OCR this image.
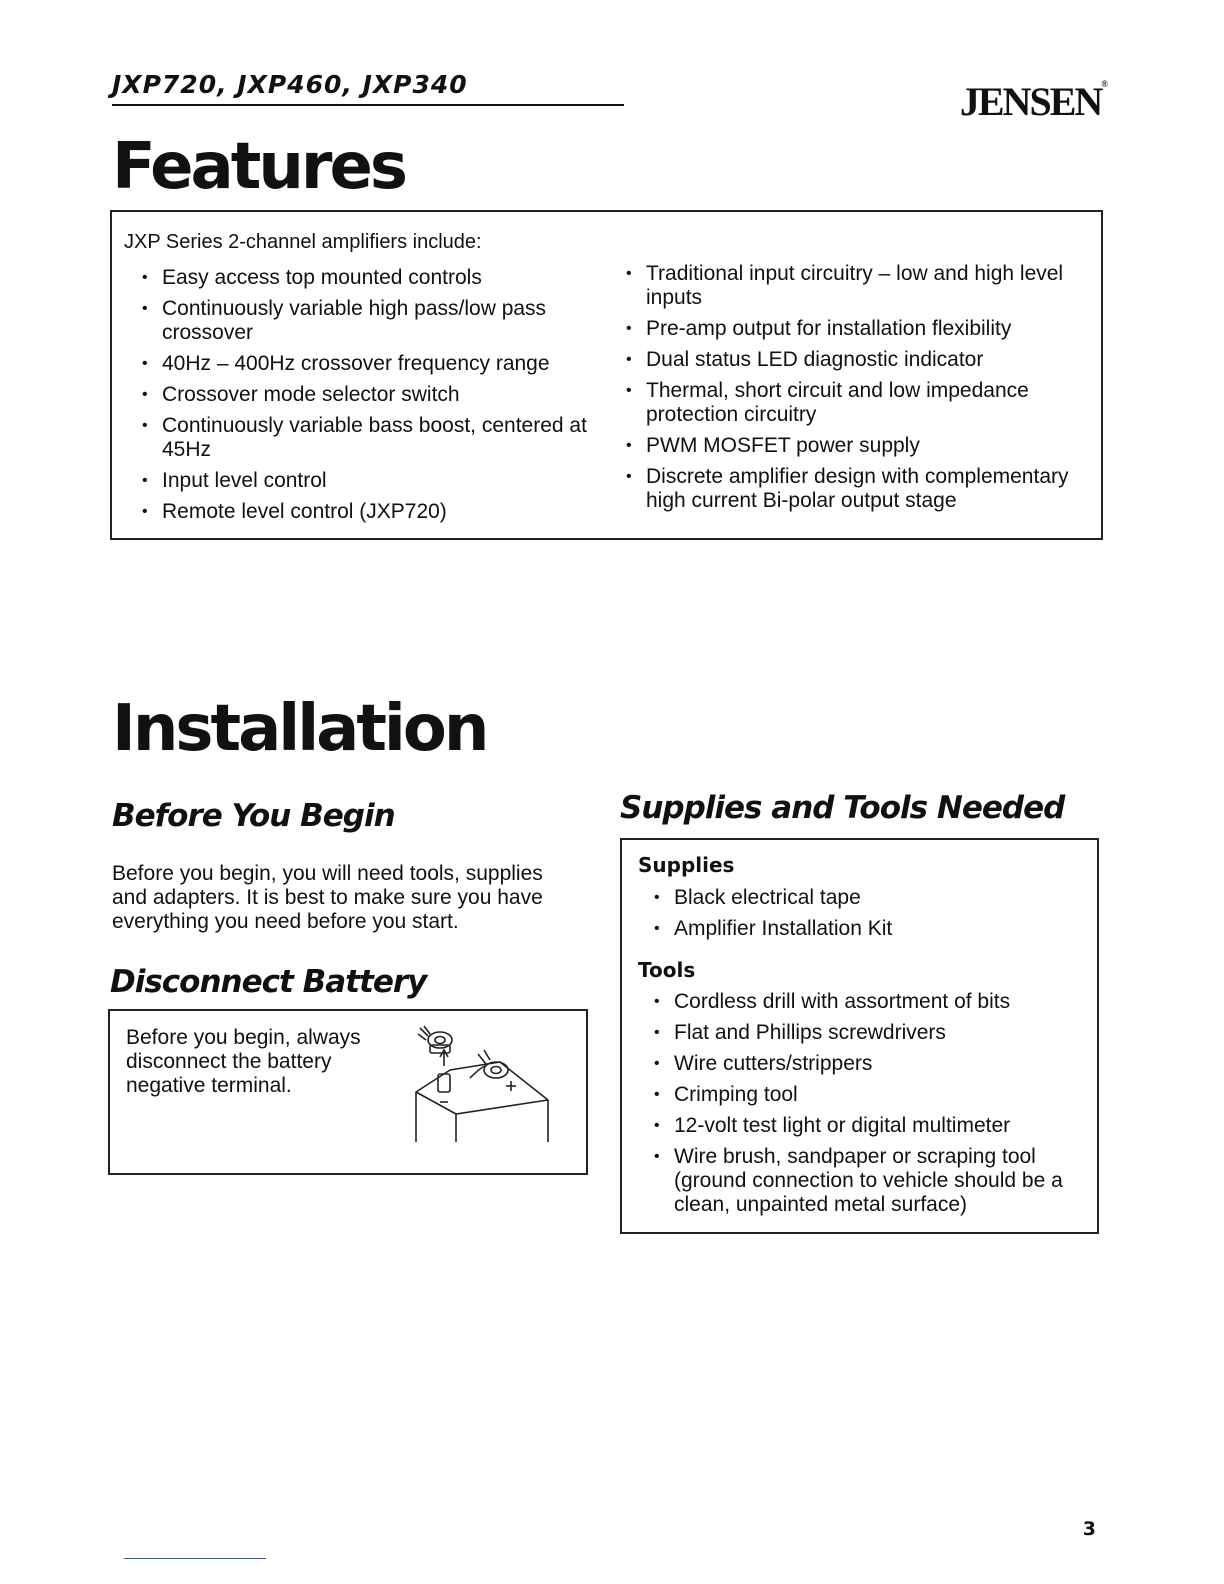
JXP720, JXP460, JXP340	JENSEN®
Features
JXP Series 2-channel amplifiers include:
• Easy access top mounted controls
• Continuously variable high pass/low pass crossover
• 40Hz – 400Hz crossover frequency range
• Crossover mode selector switch
• Continuously variable bass boost, centered at 45Hz
• Input level control
• Remote level control (JXP720)
• Traditional input circuitry – low and high level inputs
• Pre-amp output for installation flexibility
• Dual status LED diagnostic indicator
• Thermal, short circuit and low impedance protection circuitry
• PWM MOSFET power supply
• Discrete amplifier design with complementary high current Bi-polar output stage
Installation
Before You Begin
Before you begin, you will need tools, supplies and adapters. It is best to make sure you have everything you need before you start.
Disconnect Battery
Before you begin, always disconnect the battery negative terminal.
Supplies and Tools Needed
Supplies
• Black electrical tape
• Amplifier Installation Kit
Tools
• Cordless drill with assortment of bits
• Flat and Phillips screwdrivers
• Wire cutters/strippers
• Crimping tool
• 12-volt test light or digital multimeter
• Wire brush, sandpaper or scraping tool (ground connection to vehicle should be a clean, unpainted metal surface)
3
